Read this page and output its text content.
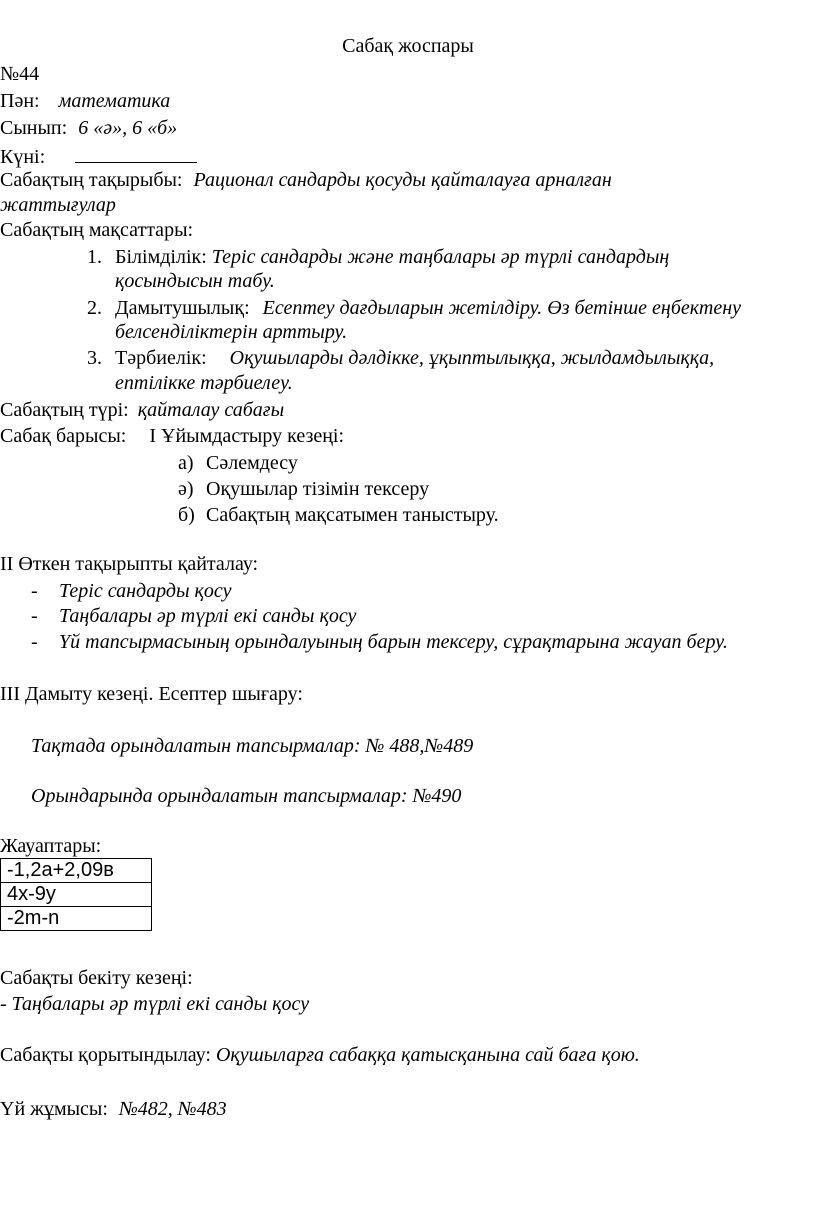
Сабақ жоспары
№44
Пән: математика
Сынып: 6 «ә», 6 «б»
Күні:
Сабақтың тақырыбы: Рационал сандарды қосуды қайталауға арналған
жаттығулар
Сабақтың мақсаттары:
1. Білімділік: Теріс сандарды және таңбалары әр түрлі сандардың
қосындысын табу.
2. Дамытушылық: Есептеу дағдыларын жетілдіру. Өз бетінше еңбектену
белсенділіктерін арттыру.
3. Тәрбиелік: Оқушыларды дәлдікке, ұқыптылыққа, жылдамдылыққа,
ептілікке тәрбиелеу.
Сабақтың түрі: қайталау сабағы
Сабақ барысы: I Ұйымдастыру кезеңі:
а) Сәлемдесу
ә) Оқушылар тізімін тексеру
б) Сабақтың мақсатымен таныстыру.
II Өткен тақырыпты қайталау:
- Теріс сандарды қосу
- Таңбалары әр түрлі екі санды қосу
- Үй тапсырмасының орындалуының барын тексеру, сұрақтарына жауап беру.
III Дамыту кезеңі. Есептер шығару:
Тақтада орындалатын тапсырмалар: № 488,№489
Орындарында орындалатын тапсырмалар: №490
Жауаптары:
-1,2а+2,09в
4х-9у
-2m-n
Сабақты бекіту кезеңі:
- Таңбалары әр түрлі екі санды қосу
Сабақты қорытындылау: Оқушыларға сабаққа қатысқанына сай баға қою.
Үй жұмысы: №482, №483
